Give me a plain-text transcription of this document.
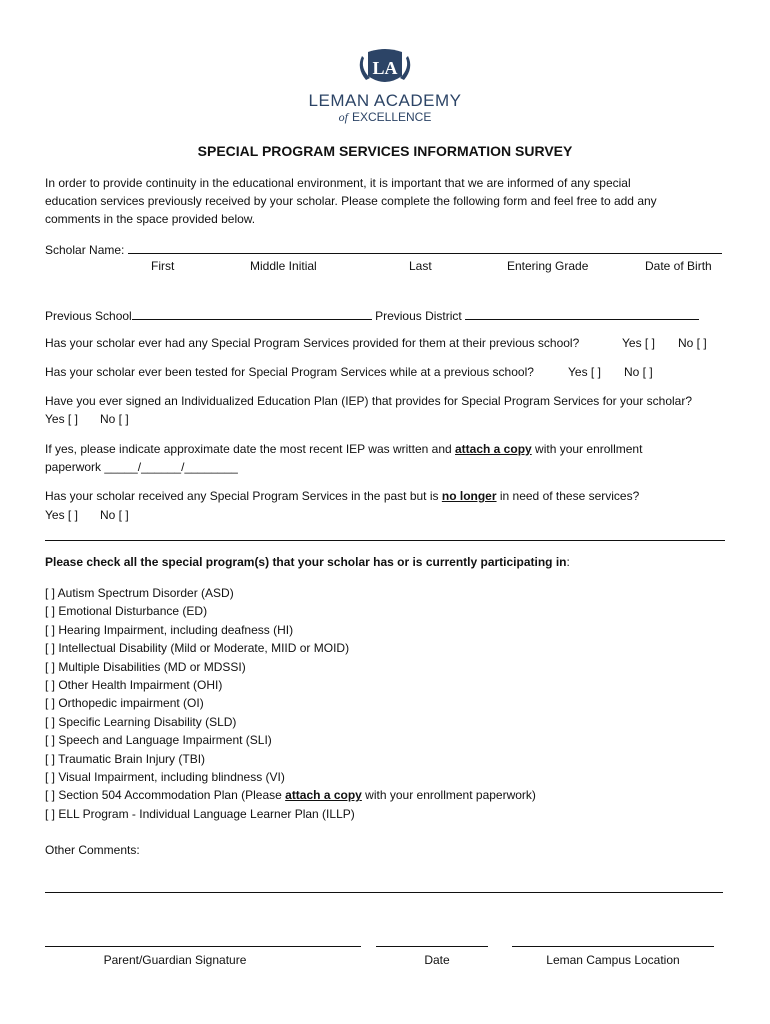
LA
LEMAN ACADEMY
of EXCELLENCE
SPECIAL PROGRAM SERVICES INFORMATION SURVEY
In order to provide continuity in the educational environment, it is important that we are informed of any special
education services previously received by your scholar. Please complete the following form and feel free to add any
comments in the space provided below.
Scholar Name:
First	Middle Initial	Last	Entering Grade	Date of Birth
Previous School	Previous District
Has your scholar ever had any Special Program Services provided for them at their previous school?	Yes [ ] No [ ]
Has your scholar ever been tested for Special Program Services while at a previous school?	Yes [ ] No [ ]
Have you ever signed an Individualized Education Plan (IEP) that provides for Special Program Services for your scholar?
Yes [ ] No [ ]
If yes, please indicate approximate date the most recent IEP was written and attach a copy with your enrollment
paperwork _____/______/________
Has your scholar received any Special Program Services in the past but is no longer in need of these services?
Yes [ ] No [ ]
Please check all the special program(s) that your scholar has or is currently participating in:
[ ] Autism Spectrum Disorder (ASD)
[ ] Emotional Disturbance (ED)
[ ] Hearing Impairment, including deafness (HI)
[ ] Intellectual Disability (Mild or Moderate, MIID or MOID)
[ ] Multiple Disabilities (MD or MDSSI)
[ ] Other Health Impairment (OHI)
[ ] Orthopedic impairment (OI)
[ ] Specific Learning Disability (SLD)
[ ] Speech and Language Impairment (SLI)
[ ] Traumatic Brain Injury (TBI)
[ ] Visual Impairment, including blindness (VI)
[ ] Section 504 Accommodation Plan (Please attach a copy with your enrollment paperwork)
[ ] ELL Program - Individual Language Learner Plan (ILLP)
Other Comments:
Parent/Guardian Signature	Date	Leman Campus Location
